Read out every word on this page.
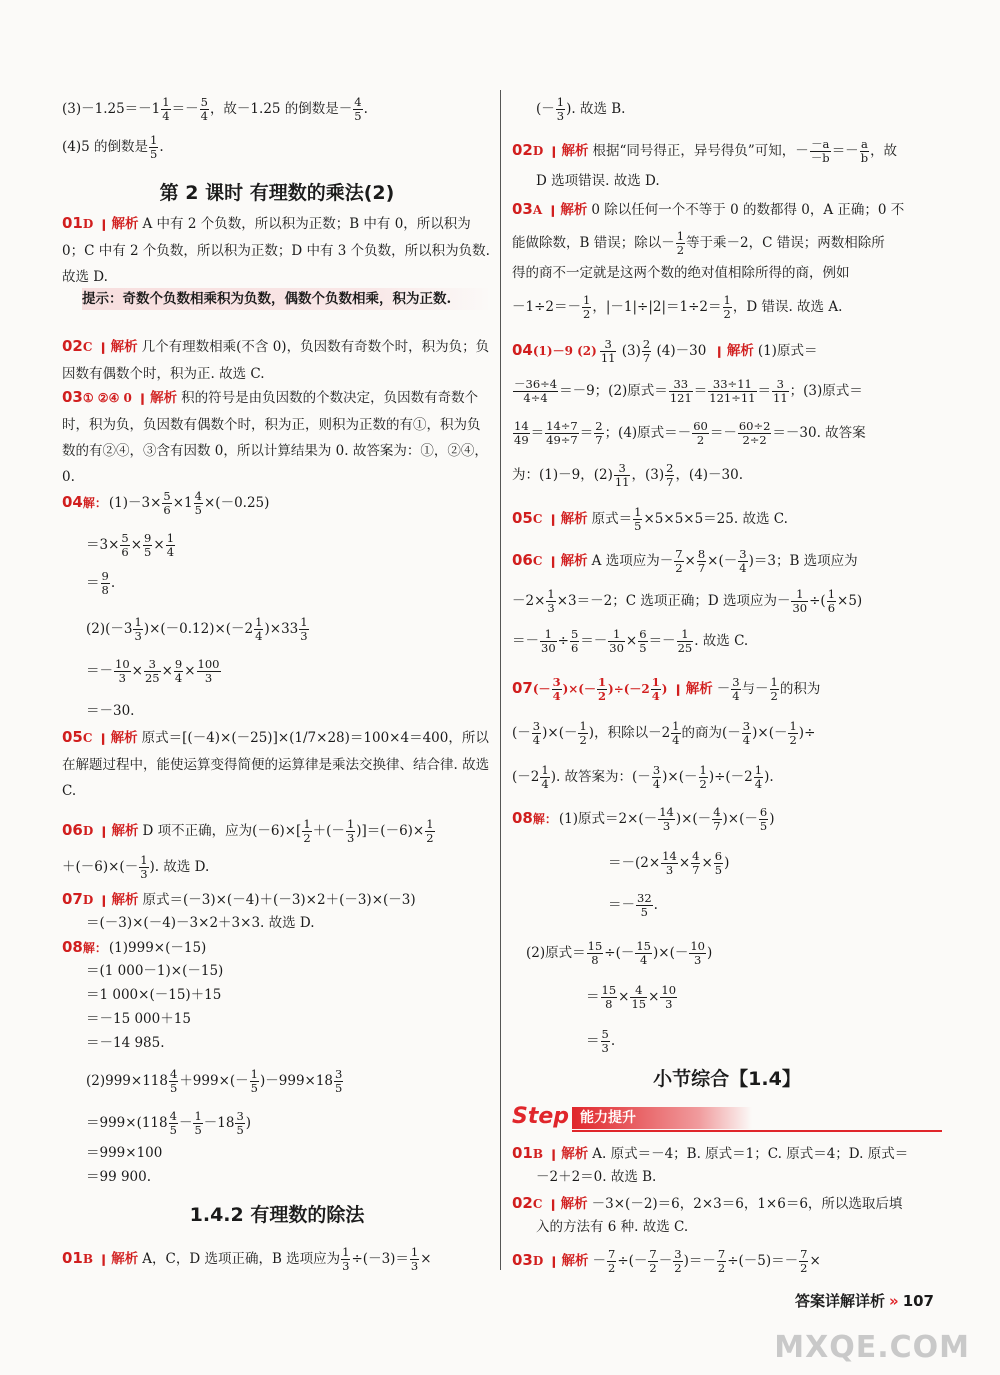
$(3)-1.25=-1 \frac{1}{4} =- \frac{5}{4}$ ，故－1.25 的倒数是－ $\frac{4}{5}$ .
(4)5 的倒数是 $\frac{1}{5}$ .
第 2 课时 有理数的乘法(2)
01D ❙ 解析 A 中有 2 个负数，所以积为正数；B 中有 0，所以积为 0；C 中有 2 个负数，所以积为正数；D 中有 3 个负数，所以积为负数. 故选 D.
提示：奇数个负数相乘积为负数，偶数个负数相乘，积为正数.
02C ❙ 解析 几个有理数相乘(不含 0)，负因数有奇数个时，积为负；负因数有偶数个时，积为正. 故选 C.
03① ②④ 0 ❙ 解析 积的符号是由负因数的个数决定，负因数有奇数个时，积为负，负因数有偶数个时，积为正，则积为正数的有①，积为负数的有②④，③含有因数 0，所以计算结果为 0. 故答案为：①，②④，0.
04解： $(1)-3\times \frac{5}{6} \times 1 \frac{4}{5} \times(-0.25)$
$=3\times \frac{5}{6} \times \frac{9}{5} \times \frac{1}{4}$
＝ $\frac{9}{8}$ .
$(2)(-3 \frac{1}{3} )\times(-0.12)\times(-2 \frac{1}{4} )\times 33 \frac{1}{3}$
＝－ $\frac{10}{3} \times \frac{3}{25} \times \frac{9}{4} \times \frac{100}{3}$
＝－30.
05C ❙ 解析 原式＝[(－4)×(－25)]×(1/7×28)＝100×4＝400，所以在解题过程中，能使运算变得简便的运算律是乘法交换律、结合律. 故选 C.
06D ❙ 解析 D 项不正确，应为$(-6)\times[ \frac{1}{2}$ ＋(－ $\frac{1}{3} )]=(-6)\times \frac{1}{2}$
$+(-6)\times(- \frac{1}{3}$ ). 故选 D.
07D ❙ 解析 原式＝(－3)×(－4)＋(－3)×2＋(－3)×(－3)
＝(－3)×(－4)－3×2＋3×3. 故选 D.
08解： (1)999×(－15)
＝(1 000－1)×(－15)
＝1 000×(－15)＋15
＝－15 000＋15
＝－14 985.
$(2)999\times 118 \frac{4}{5} +999\times(- \frac{1}{5} )-999\times 18 \frac{3}{5}$
$=999\times(118 \frac{4}{5} - \frac{1}{5} -18 \frac{3}{5}$ )
＝999×100
＝99 900.
1.4.2 有理数的除法
01B ❙ 解析 A，C，D 选项正确，B 选项应为 $\frac{1}{3} \div(-3)= \frac{1}{3}$ ×
(－ $\frac{1}{3}$ ). 故选 B.
02D ❙ 解析 根据“同号得正，异号得负”可知，－ $\frac{-a}{-b} =- \frac{a}{b}$ ，故
D 选项错误. 故选 D.
03A ❙ 解析 0 除以任何一个不等于 0 的数都得 0，A 正确；0 不
能做除数，B 错误；除以－ $\frac{1}{2}$ 等于乘－2，C 错误；两数相除所
得的商不一定就是这两个数的绝对值相除所得的商，例如
$-1\div 2=- \frac{1}{2}$ ，$|-1|\div|2|=1\div 2= \frac{1}{2}$ ，D 错误. 故选 A.
04(1)－9 $(2) \frac{3}{11} (3) \frac{2}{7} (4)-30$ ❙ 解析 (1)原式＝
$\frac{-36\div 4}{4\div 4} =-9$；(2)原式＝ $\frac{33}{121} = \frac{33\div 11}{121\div 11} = \frac{3}{11}$ ；(3)原式＝
$\frac{14}{49} = \frac{14\div 7}{49\div 7} = \frac{2}{7}$ ；(4)原式＝－ $\frac{60}{2} =- \frac{60\div 2}{2\div 2} =-30$. 故答案
为：(1)－9，$(2) \frac{3}{11}$ ，$(3) \frac{2}{7}$ ，(4)－30.
05C ❙ 解析 原式＝ $\frac{1}{5} \times 5\times 5\times 5=25$. 故选 C.
06C ❙ 解析 A 选项应为－ $\frac{7}{2} \times \frac{8}{7}$ ×(－ $\frac{3}{4} )=3$；B 选项应为
$-2\times \frac{1}{3} \times 3=-2$；C 选项正确；D 选项应为－ $\frac{1}{30}$ ÷( $\frac{1}{6} \times 5$)
＝－ $\frac{1}{30} \div \frac{5}{6} =- \frac{1}{30} \times \frac{6}{5} =- \frac{1}{25}$ . 故选 C.
$07(- \frac{3}{4}$ )×(－ $\frac{1}{2} )\div(-2 \frac{1}{4}$ ) ❙ 解析 － $\frac{3}{4}$ 与－ $\frac{1}{2}$ 的积为
(－ $\frac{3}{4}$ )×(－ $\frac{1}{2}$ )，积除以$-2 \frac{1}{4}$ 的商为(－ $\frac{3}{4}$ )×(－ $\frac{1}{2}$ )÷
($-2 \frac{1}{4}$ ). 故答案为：(－ $\frac{3}{4}$ )×(－ $\frac{1}{2} )\div(-2 \frac{1}{4}$ ).
08解： (1)原式$=2\times(- \frac{14}{3}$ )×(－ $\frac{4}{7}$ )×(－ $\frac{6}{5}$ )
$=-(2\times \frac{14}{3} \times \frac{4}{7} \times \frac{6}{5}$ )
＝－ $\frac{32}{5}$ .
(2)原式＝ $\frac{15}{8}$ ÷(－ $\frac{15}{4}$ )×(－ $\frac{10}{3}$ )
＝ $\frac{15}{8} \times \frac{4}{15} \times \frac{10}{3}$
＝ $\frac{5}{3}$ .
小节综合【1.4】
Step 能力提升
01B ❙ 解析 A. 原式＝－4；B. 原式＝1；C. 原式＝4；D. 原式＝
－2＋2＝0. 故选 B.
02C ❙ 解析 －3×(－2)＝6，2×3＝6，1×6＝6，所以选取后填
入的方法有 6 种. 故选 C.
03D ❙ 解析 － $\frac{7}{2}$ ÷(－ $\frac{7}{2} - \frac{3}{2}$ )＝－ $\frac{7}{2} \div(-5)=- \frac{7}{2}$ ×
答案详解详析 » 107
MXQE.COM
